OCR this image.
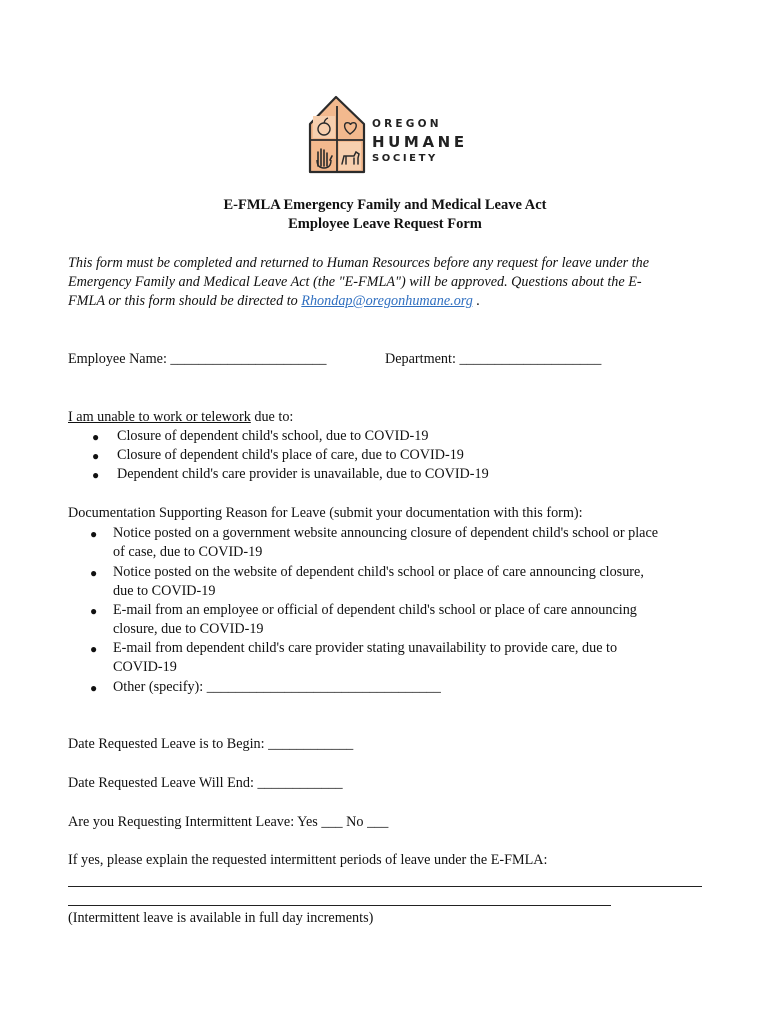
OREGON
HUMANE
SOCIETY
E-FMLA Emergency Family and Medical Leave Act
Employee Leave Request Form
This form must be completed and returned to Human Resources before any request for leave under the
Emergency Family and Medical Leave Act (the "E-FMLA") will be approved. Questions about the E-
FMLA or this form should be directed to Rhondap@oregonhumane.org .
Employee Name: ______________________	Department: ____________________
I am unable to work or telework due to:
● Closure of dependent child's school, due to COVID-19
● Closure of dependent child's place of care, due to COVID-19
● Dependent child's care provider is unavailable, due to COVID-19
Documentation Supporting Reason for Leave (submit your documentation with this form):
● Notice posted on a government website announcing closure of dependent child's school or place
of case, due to COVID-19
● Notice posted on the website of dependent child's school or place of care announcing closure,
due to COVID-19
● E-mail from an employee or official of dependent child's school or place of care announcing
closure, due to COVID-19
● E-mail from dependent child's care provider stating unavailability to provide care, due to
COVID-19
● Other (specify): _________________________________
Date Requested Leave is to Begin: ____________
Date Requested Leave Will End: ____________
Are you Requesting Intermittent Leave: Yes ___ No ___
If yes, please explain the requested intermittent periods of leave under the E-FMLA:
(Intermittent leave is available in full day increments)
